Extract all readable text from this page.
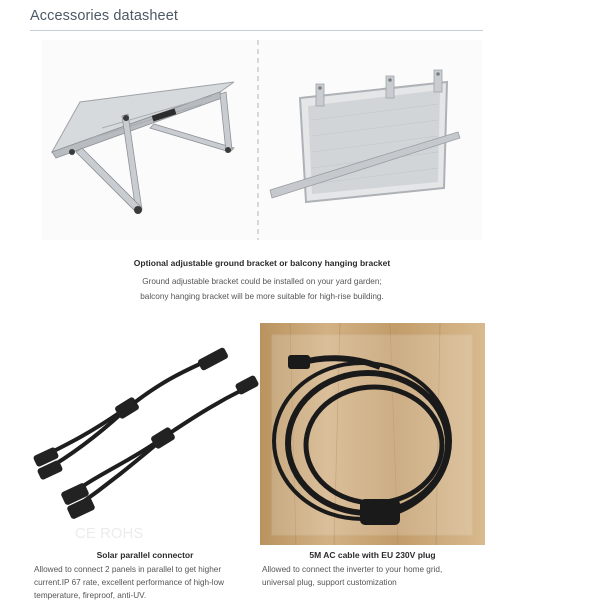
Accessories datasheet
Optional adjustable ground bracket or balcony hanging bracket
Ground adjustable bracket could be installed on your yard garden;
balcony hanging bracket will be more suitable for high-rise building.
CE ROHS
Solar parallel connector
Allowed to connect 2 panels in parallel to get higher
current.IP 67 rate, excellent performance of high-low
temperature, fireproof, anti-UV.
5M AC cable with EU 230V plug
Allowed to connect the inverter to your home grid,
universal plug, support customization
